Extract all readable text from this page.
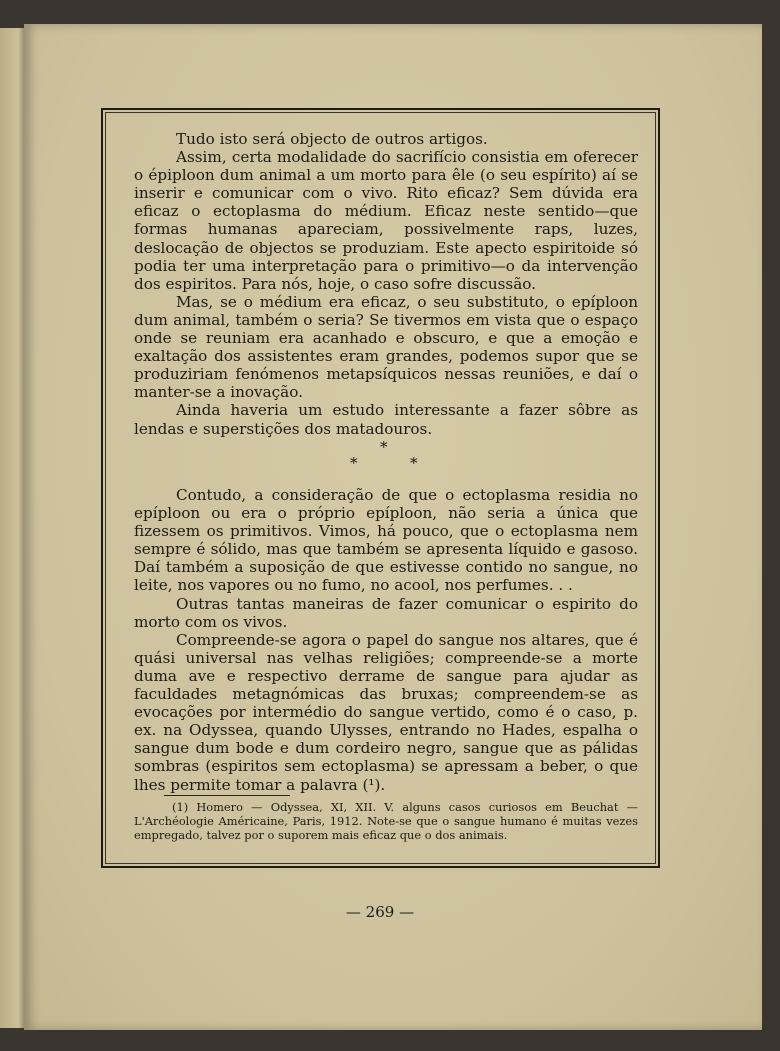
Tudo isto será objecto de outros artigos.

Assim, certa modalidade do sacrifício consistia em oferecer o épiploon dum animal a um morto para êle (o seu espírito) aí se inserir e comunicar com o vivo. Rito eficaz? Sem dúvida era eficaz o ectoplasma do médium. Eficaz neste sentido—que formas humanas apareciam, possivelmente raps, luzes, deslocação de objectos se produziam. Este apecto espiritoide só podia ter uma interpretação para o primitivo—o da intervenção dos espiritos. Para nós, hoje, o caso sofre discussão.

Mas, se o médium era eficaz, o seu substituto, o epíploon dum animal, também o seria? Se tivermos em vista que o espaço onde se reuniam era acanhado e obscuro, e que a emoção e exaltação dos assistentes eram grandes, podemos supor que se produziriam fenómenos metapsíquicos nessas reuniões, e daí o manter-se a inovação.

Ainda haveria um estudo interessante a fazer sôbre as lendas e superstições dos matadouros.

*
*	*

Contudo, a consideração de que o ectoplasma residia no epíploon ou era o próprio epíploon, não seria a única que fizessem os primitivos. Vimos, há pouco, que o ectoplasma nem sempre é sólido, mas que também se apresenta líquido e gasoso. Daí também a suposição de que estivesse contido no sangue, no leite, nos vapores ou no fumo, no acool, nos perfumes. . .

Outras tantas maneiras de fazer comunicar o espirito do morto com os vivos.

Compreende-se agora o papel do sangue nos altares, que é quási universal nas velhas religiões; compreende-se a morte duma ave e respectivo derrame de sangue para ajudar as faculdades metagnómicas das bruxas; compreendem-se as evocações por intermédio do sangue vertido, como é o caso, p. ex. na Odyssea, quando Ulysses, entrando no Hades, espalha o sangue dum bode e dum cordeiro negro, sangue que as pálidas sombras (espiritos sem ectoplasma) se apressam a beber, o que lhes permite tomar a palavra (¹).

(1) Homero — Odyssea, XI, XII. V. alguns casos curiosos em Beuchat — L'Archéologie Américaine, Paris, 1912. Note-se que o sangue humano é muitas vezes empregado, talvez por o suporem mais eficaz que o dos animais.
— 269 —
